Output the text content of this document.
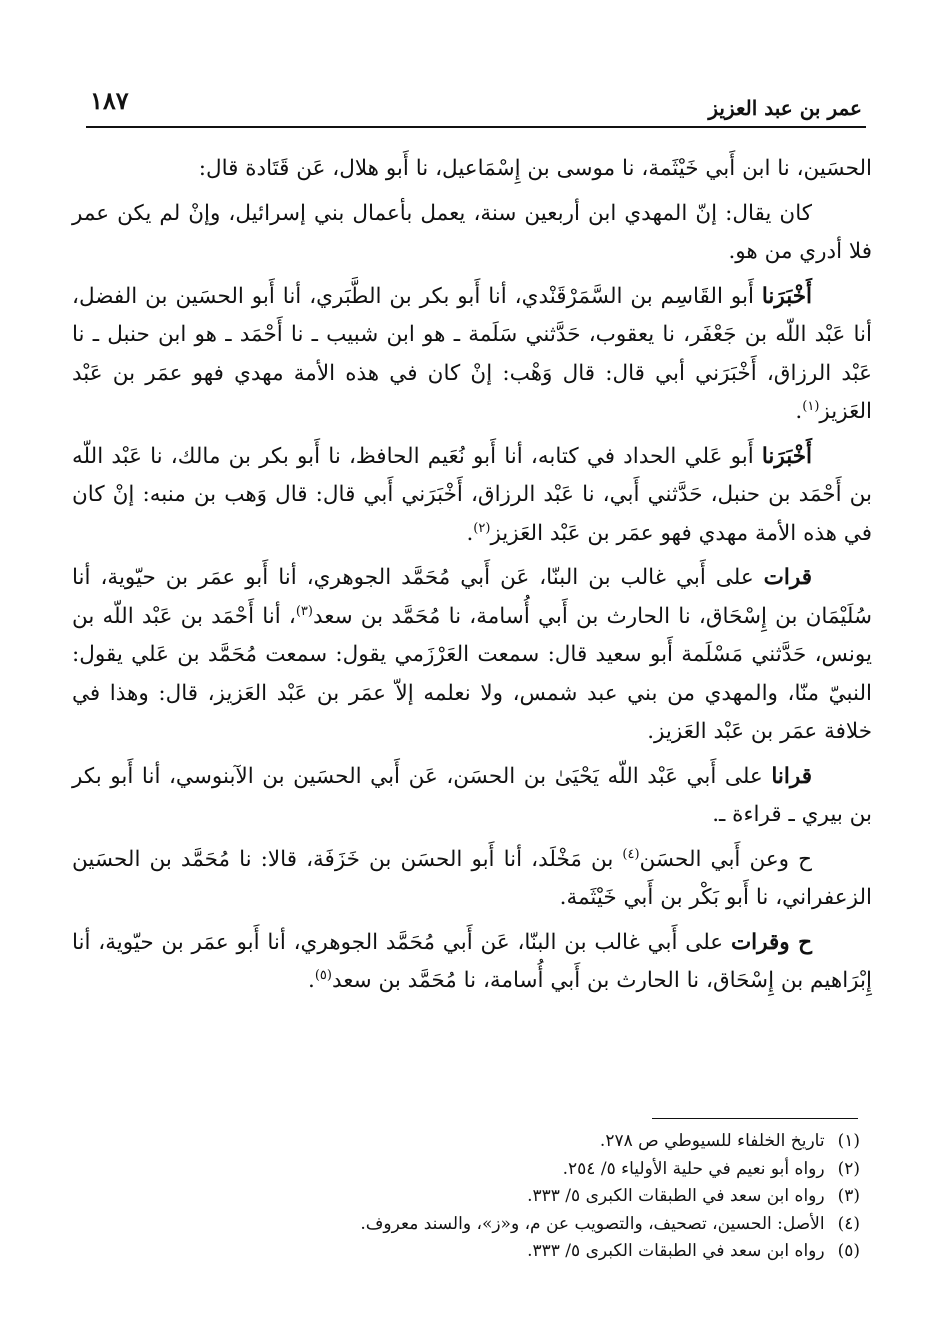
١٨٧	عمر بن عبد العزيز

الحسَين، نا ابن أَبي خَيْثَمة، نا موسى بن إِسْمَاعيل، نا أَبو هلال، عَن قَتَادة قال:

كان يقال: إنّ المهدي ابن أربعين سنة، يعمل بأعمال بني إسرائيل، وإنْ لم يكن عمر فلا أدري من هو.

أَخْبَرَنا أَبو القَاسِم بن السَّمَرْقَنْدي، أنا أَبو بكر بن الطَّبَري، أنا أَبو الحسَين بن الفضل، أنا عَبْد اللّه بن جَعْفَر، نا يعقوب، حَدَّثني سَلَمة ـ هو ابن شبيب ـ نا أَحْمَد ـ هو ابن حنبل ـ نا عَبْد الرزاق، أَخْبَرَني أبي قال: قال وَهْب: إنْ كان في هذه الأمة مهدي فهو عمَر بن عَبْد العَزيز$^{(١)}$.

أَخْبَرَنا أَبو عَلي الحداد في كتابه، أنا أَبو نُعَيم الحافظ، نا أَبو بكر بن مالك، نا عَبْد اللّه بن أَحْمَد بن حنبل، حَدَّثني أَبي، نا عَبْد الرزاق، أَخْبَرَني أَبي قال: قال وَهب بن منبه: إنْ كان في هذه الأمة مهدي فهو عمَر بن عَبْد العَزيز$^{(٢)}$.

قرات على أَبي غالب بن البنّا، عَن أَبي مُحَمَّد الجوهري، أنا أَبو عمَر بن حيّوية، أنا سُلَيْمَان بن إِسْحَاق، نا الحارث بن أَبي أُسامة، نا مُحَمَّد بن سعد$^{(٣)}$، أنا أَحْمَد بن عَبْد اللّه بن يونس، حَدَّثني مَسْلَمة أَبو سعيد قال: سمعت العَرْزَمي يقول: سمعت مُحَمَّد بن عَلي يقول: النبيّ منّا، والمهدي من بني عبد شمس، ولا نعلمه إلاّ عمَر بن عَبْد العَزيز، قال: وهذا في خلافة عمَر بن عَبْد العَزيز.

قرانا على أَبي عَبْد اللّه يَحْيَىٰ بن الحسَن، عَن أَبي الحسَين بن الآبنوسي، أنا أَبو بكر بن بيري ـ قراءة ـ.

ح وعن أَبي الحسَن$^{(٤)}$ بن مَخْلَد، أنا أَبو الحسَن بن خَزَفَة، قالا: نا مُحَمَّد بن الحسَين الزعفراني، نا أَبو بَكْر بن أَبي خَيْثَمة.

ح وقرات على أَبي غالب بن البنّا، عَن أَبي مُحَمَّد الجوهري، أنا أَبو عمَر بن حيّوية، أنا إِبْرَاهيم بن إِسْحَاق، نا الحارث بن أَبي أُسامة، نا مُحَمَّد بن سعد$^{(٥)}$.

(١) تاريخ الخلفاء للسيوطي ص ٢٧٨.

(٢) رواه أبو نعيم في حلية الأولياء ٥/ ٢٥٤.

(٣) رواه ابن سعد في الطبقات الكبرى ٥/ ٣٣٣.

(٤) الأصل: الحسين، تصحيف، والتصويب عن م، و«ز»، والسند معروف.

(٥) رواه ابن سعد في الطبقات الكبرى ٥/ ٣٣٣.
